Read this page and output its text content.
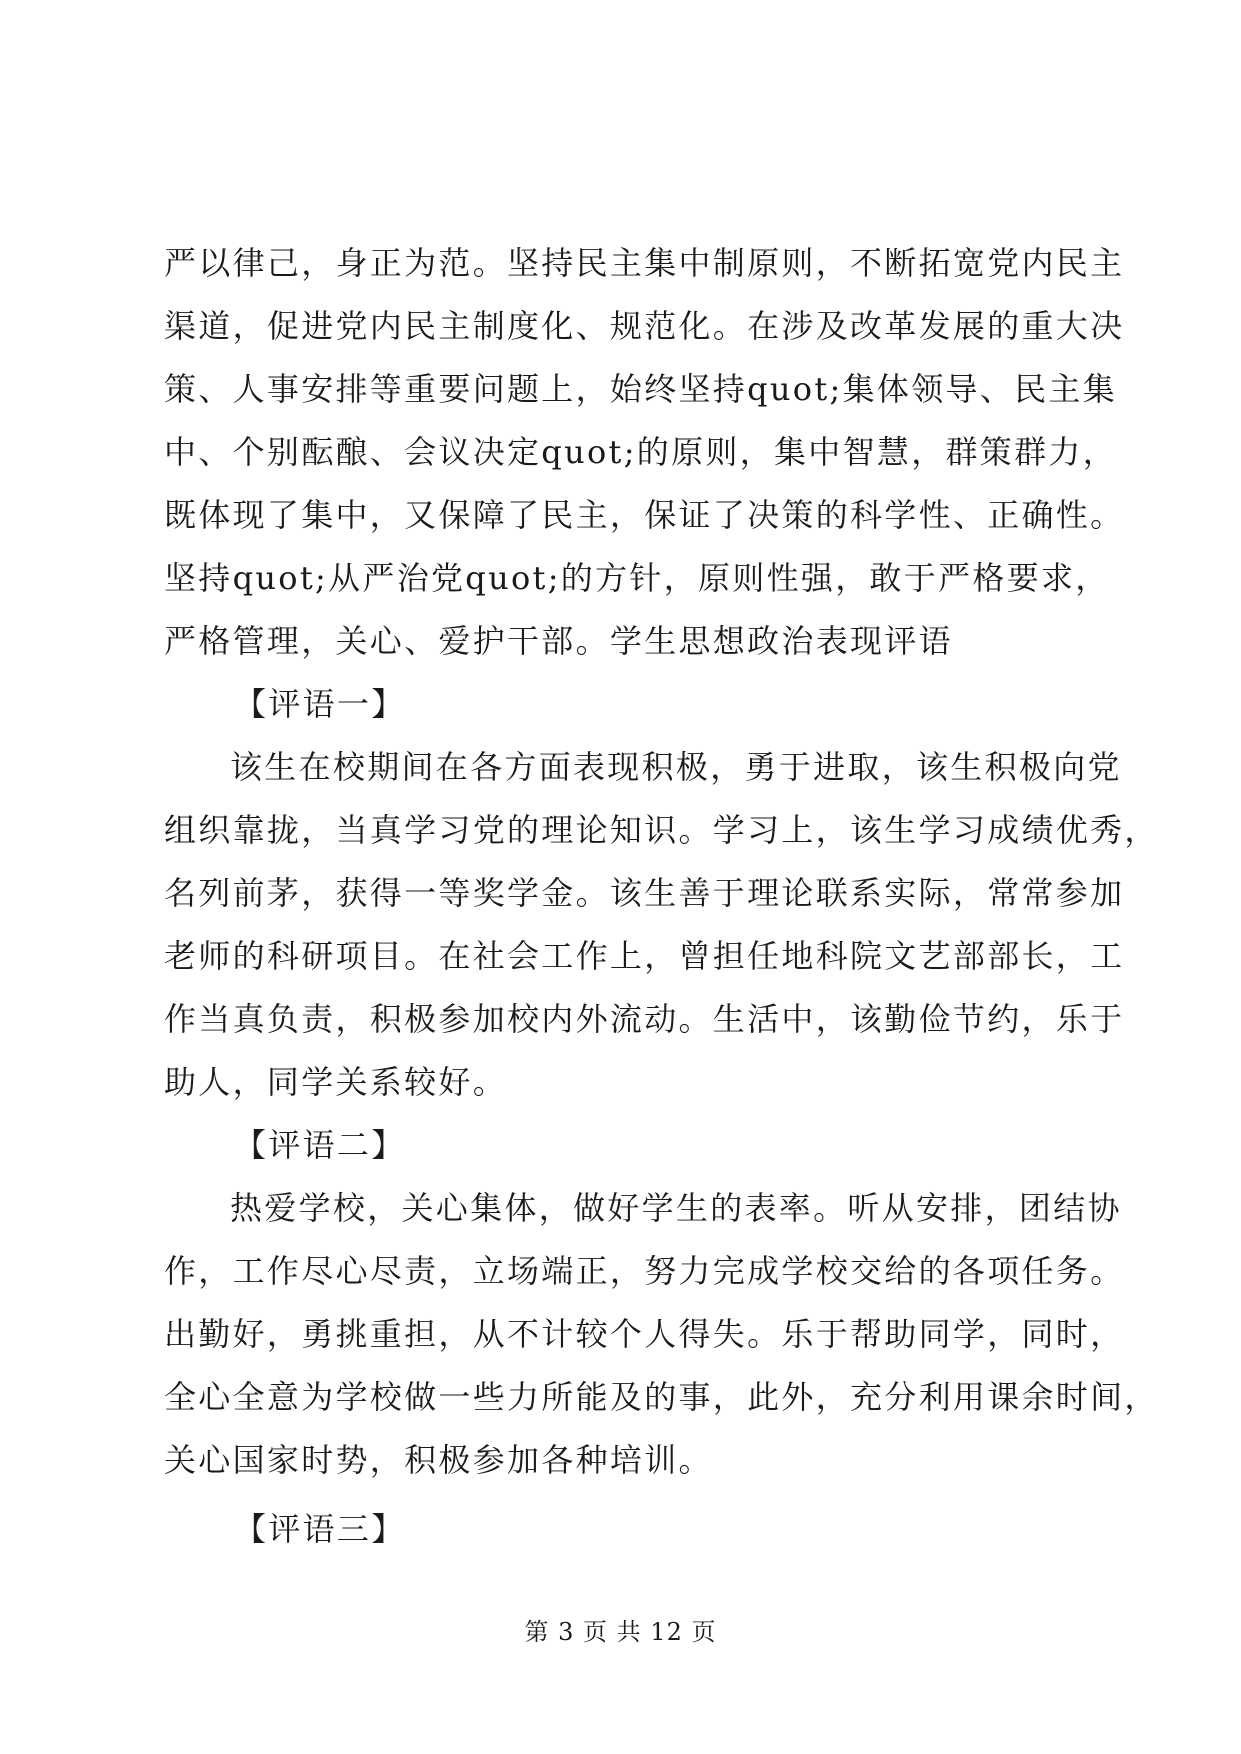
严以律己，身正为范。坚持民主集中制原则，不断拓宽党内民主
渠道，促进党内民主制度化、规范化。在涉及改革发展的重大决
策、人事安排等重要问题上，始终坚持quot;集体领导、民主集
中、个别酝酿、会议决定quot;的原则，集中智慧，群策群力，
既体现了集中，又保障了民主，保证了决策的科学性、正确性。
坚持quot;从严治党quot;的方针，原则性强，敢于严格要求，
严格管理，关心、爱护干部。学生思想政治表现评语
【评语一】
该生在校期间在各方面表现积极，勇于进取，该生积极向党
组织靠拢，当真学习党的理论知识。学习上，该生学习成绩优秀，
名列前茅，获得一等奖学金。该生善于理论联系实际，常常参加
老师的科研项目。在社会工作上，曾担任地科院文艺部部长，工
作当真负责，积极参加校内外流动。生活中，该勤俭节约，乐于
助人，同学关系较好。
【评语二】
热爱学校，关心集体，做好学生的表率。听从安排，团结协
作，工作尽心尽责，立场端正，努力完成学校交给的各项任务。
出勤好，勇挑重担，从不计较个人得失。乐于帮助同学，同时，
全心全意为学校做一些力所能及的事，此外，充分利用课余时间，
关心国家时势，积极参加各种培训。
【评语三】
第 3 页 共 12 页
